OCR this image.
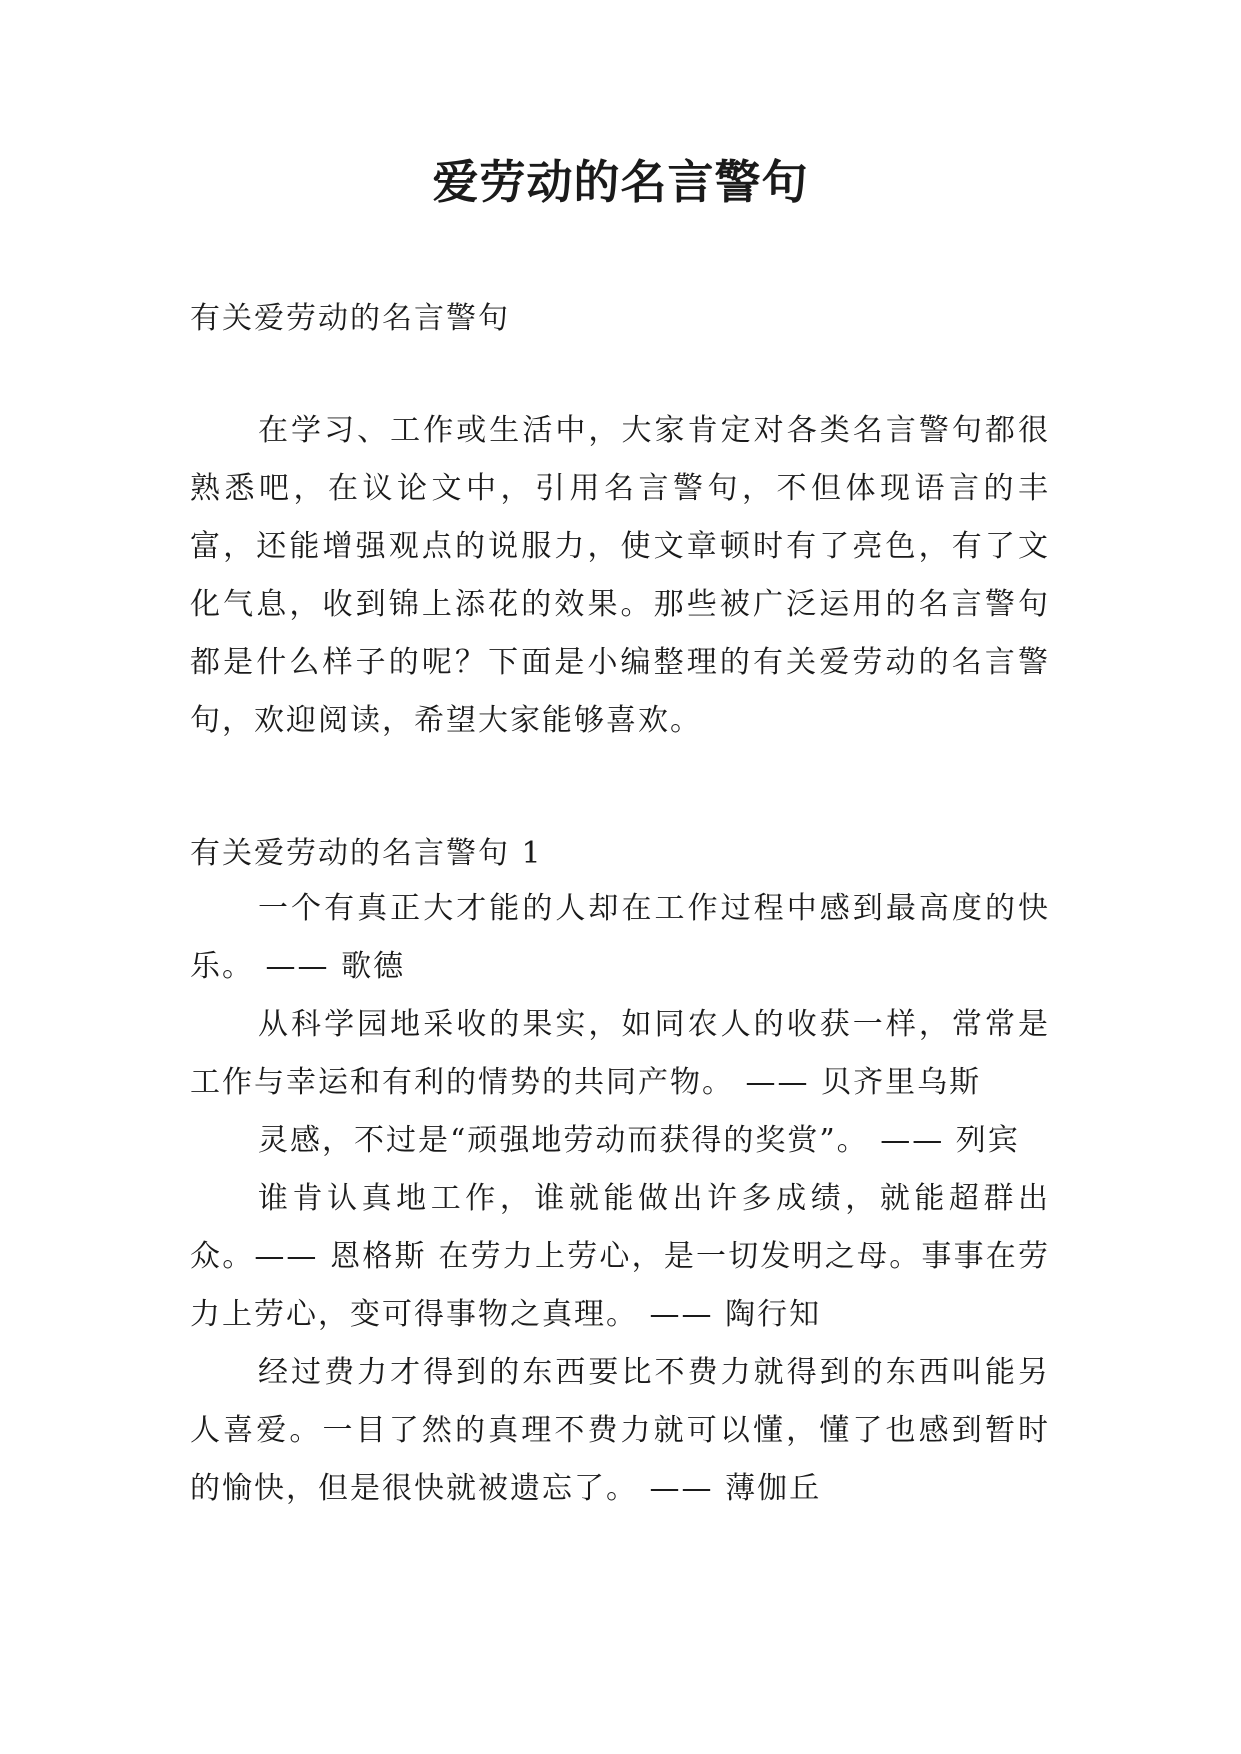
爱劳动的名言警句

有关爱劳动的名言警句

在学习、工作或生活中，大家肯定对各类名言警句都很熟悉吧，在议论文中，引用名言警句，不但体现语言的丰富，还能增强观点的说服力，使文章顿时有了亮色，有了文化气息，收到锦上添花的效果。那些被广泛运用的名言警句都是什么样子的呢？下面是小编整理的有关爱劳动的名言警句，欢迎阅读，希望大家能够喜欢。

有关爱劳动的名言警句 1

一个有真正大才能的人却在工作过程中感到最高度的快乐。 —— 歌德

从科学园地采收的果实，如同农人的收获一样，常常是工作与幸运和有利的情势的共同产物。 —— 贝齐里乌斯

灵感，不过是“顽强地劳动而获得的奖赏”。 —— 列宾

谁肯认真地工作，谁就能做出许多成绩，就能超群出众。—— 恩格斯 在劳力上劳心，是一切发明之母。事事在劳力上劳心，变可得事物之真理。 —— 陶行知

经过费力才得到的东西要比不费力就得到的东西叫能另人喜爱。一目了然的真理不费力就可以懂，懂了也感到暂时的愉快，但是很快就被遗忘了。 —— 薄伽丘
